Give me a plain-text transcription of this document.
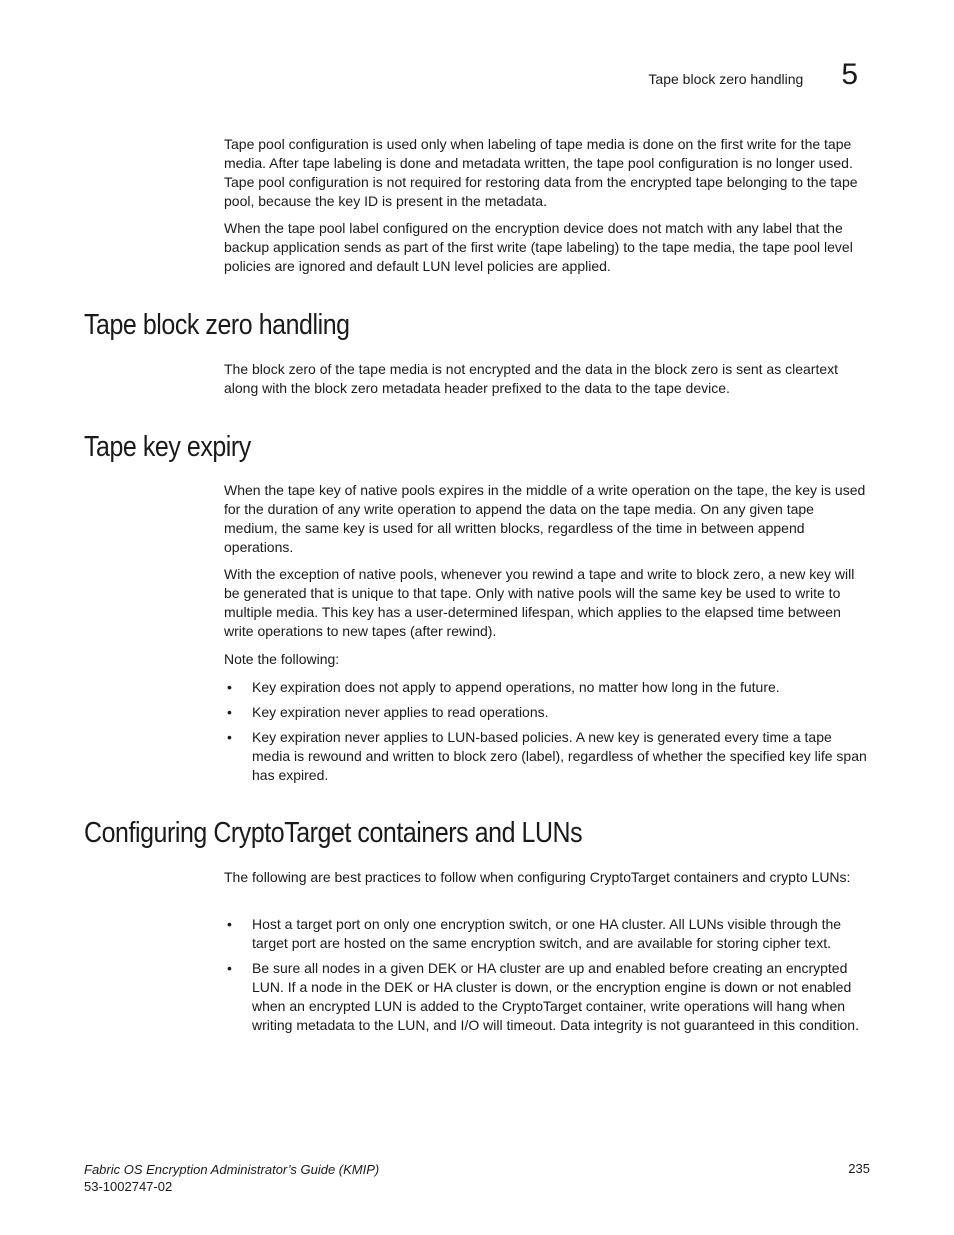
Tape block zero handling 5

Tape pool configuration is used only when labeling of tape media is done on the first write for the tape media. After tape labeling is done and metadata written, the tape pool configuration is no longer used. Tape pool configuration is not required for restoring data from the encrypted tape belonging to the tape pool, because the key ID is present in the metadata.

When the tape pool label configured on the encryption device does not match with any label that the backup application sends as part of the first write (tape labeling) to the tape media, the tape pool level policies are ignored and default LUN level policies are applied.

Tape block zero handling

The block zero of the tape media is not encrypted and the data in the block zero is sent as cleartext along with the block zero metadata header prefixed to the data to the tape device.

Tape key expiry

When the tape key of native pools expires in the middle of a write operation on the tape, the key is used for the duration of any write operation to append the data on the tape media. On any given tape medium, the same key is used for all written blocks, regardless of the time in between append operations.

With the exception of native pools, whenever you rewind a tape and write to block zero, a new key will be generated that is unique to that tape. Only with native pools will the same key be used to write to multiple media. This key has a user-determined lifespan, which applies to the elapsed time between write operations to new tapes (after rewind).

Note the following:

• Key expiration does not apply to append operations, no matter how long in the future.
• Key expiration never applies to read operations.
• Key expiration never applies to LUN-based policies. A new key is generated every time a tape media is rewound and written to block zero (label), regardless of whether the specified key life span has expired.
Configuring CryptoTarget containers and LUNs

The following are best practices to follow when configuring CryptoTarget containers and crypto LUNs:

• Host a target port on only one encryption switch, or one HA cluster. All LUNs visible through the target port are hosted on the same encryption switch, and are available for storing cipher text.
• Be sure all nodes in a given DEK or HA cluster are up and enabled before creating an encrypted LUN. If a node in the DEK or HA cluster is down, or the encryption engine is down or not enabled when an encrypted LUN is added to the CryptoTarget container, write operations will hang when writing metadata to the LUN, and I/O will timeout. Data integrity is not guaranteed in this condition.
Fabric OS Encryption Administrator’s Guide (KMIP)
53-1002747-02
235
